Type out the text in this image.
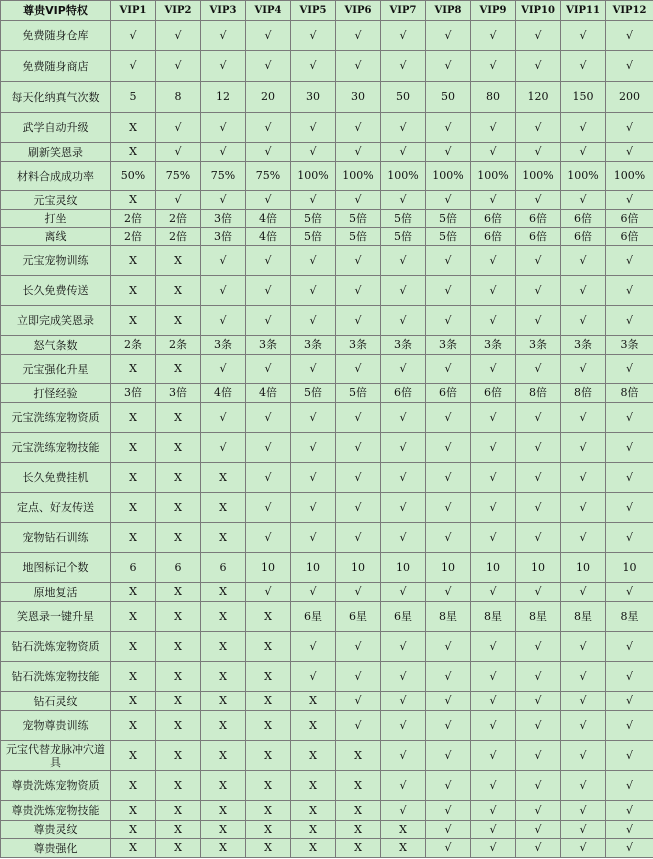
尊贵VIP特权	VIP1	VIP2	VIP3	VIP4	VIP5	VIP6	VIP7	VIP8	VIP9	VIP10	VIP11	VIP12
免费随身仓库	√	√	√	√	√	√	√	√	√	√	√	√
免费随身商店	√	√	√	√	√	√	√	√	√	√	√	√
每天化纳真气次数	5	8	12	20	30	30	50	50	80	120	150	200
武学自动升级	X	√	√	√	√	√	√	√	√	√	√	√
刷新笑恩录	X	√	√	√	√	√	√	√	√	√	√	√
材料合成成功率	50%	75%	75%	75%	100%	100%	100%	100%	100%	100%	100%	100%
元宝灵纹	X	√	√	√	√	√	√	√	√	√	√	√
打坐	2倍	2倍	3倍	4倍	5倍	5倍	5倍	5倍	6倍	6倍	6倍	6倍
离线	2倍	2倍	3倍	4倍	5倍	5倍	5倍	5倍	6倍	6倍	6倍	6倍
元宝宠物训练	X	X	√	√	√	√	√	√	√	√	√	√
长久免费传送	X	X	√	√	√	√	√	√	√	√	√	√
立即完成笑恩录	X	X	√	√	√	√	√	√	√	√	√	√
怒气条数	2条	2条	3条	3条	3条	3条	3条	3条	3条	3条	3条	3条
元宝强化升星	X	X	√	√	√	√	√	√	√	√	√	√
打怪经验	3倍	3倍	4倍	4倍	5倍	5倍	6倍	6倍	6倍	8倍	8倍	8倍
元宝洗练宠物资质	X	X	√	√	√	√	√	√	√	√	√	√
元宝洗练宠物技能	X	X	√	√	√	√	√	√	√	√	√	√
长久免费挂机	X	X	X	√	√	√	√	√	√	√	√	√
定点、好友传送	X	X	X	√	√	√	√	√	√	√	√	√
宠物钻石训练	X	X	X	√	√	√	√	√	√	√	√	√
地图标记个数	6	6	6	10	10	10	10	10	10	10	10	10
原地复活	X	X	X	√	√	√	√	√	√	√	√	√
笑恩录一键升星	X	X	X	X	6星	6星	6星	8星	8星	8星	8星	8星
钻石洗炼宠物资质	X	X	X	X	√	√	√	√	√	√	√	√
钻石洗炼宠物技能	X	X	X	X	√	√	√	√	√	√	√	√
钻石灵纹	X	X	X	X	X	√	√	√	√	√	√	√
宠物尊贵训练	X	X	X	X	X	√	√	√	√	√	√	√
元宝代替龙脉冲穴道具	X	X	X	X	X	X	√	√	√	√	√	√
尊贵洗炼宠物资质	X	X	X	X	X	X	√	√	√	√	√	√
尊贵洗炼宠物技能	X	X	X	X	X	X	√	√	√	√	√	√
尊贵灵纹	X	X	X	X	X	X	X	√	√	√	√	√
尊贵强化	X	X	X	X	X	X	X	√	√	√	√	√
